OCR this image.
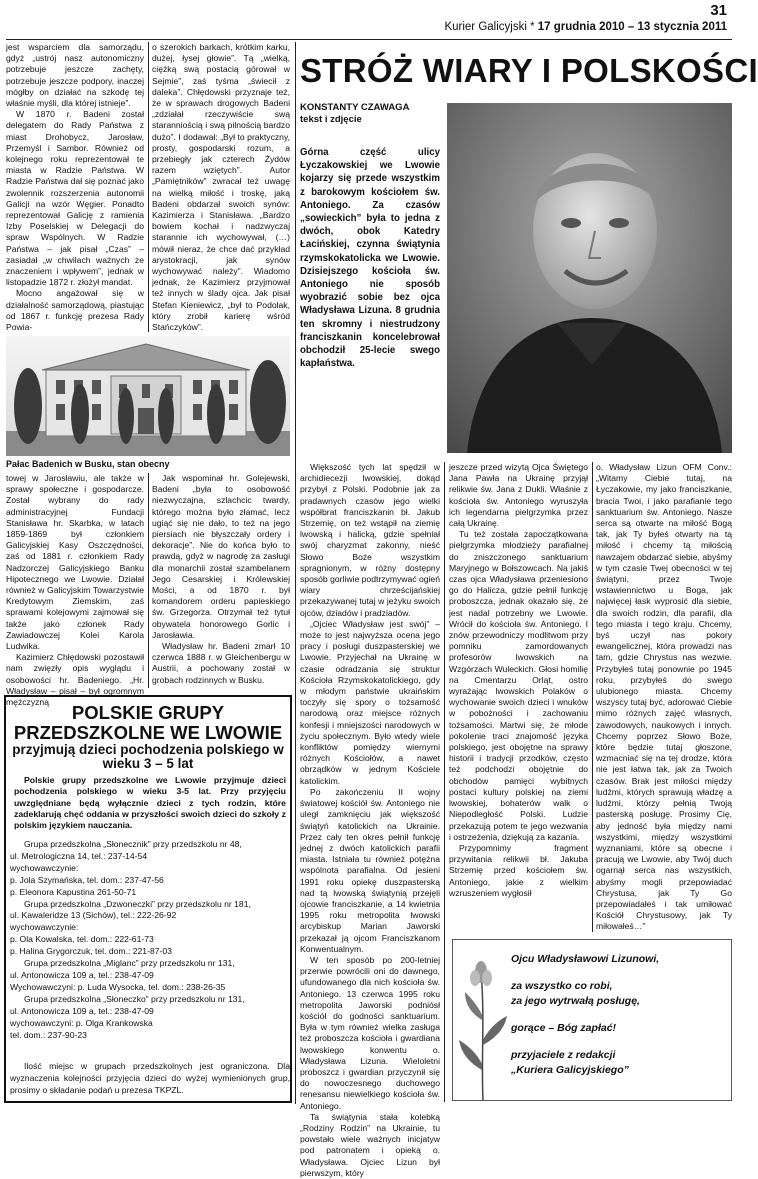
31
Kurier Galicyjski * 17 grudnia 2010 – 13 stycznia 2011

jest wsparciem dla samorządu, gdyż „ustrój nasz autonomiczny potrzebuje jeszcze zachęty, potrzebuje jeszcze podpory, inaczej mógłby on działać na szkodę tej właśnie myśli, dla której istnieje”.

W 1870 r. Badeni został delegatem do Rady Państwa z miast Drohobycz, Jarosław, Przemyśl i Sambor. Również od kolejnego roku reprezentował te miasta w Radzie Państwa. W Radzie Państwa dał się poznać jako zwolennik rozszerzenia autonomii Galicji na wzór Węgier. Ponadto reprezentował Galicję z ramienia Izby Poselskiej w Delegacji do spraw Wspólnych. W Radzie Państwa – jak pisał „Czas” – zasiadał „w chwilach ważnych ze znaczeniem i wpływem”, jednak w listopadzie 1872 r. złożył mandat.

Mocno angażował się w działalność samorządową, piastując od 1867 r. funkcję prezesa Rady Powia-

o szerokich barkach, krótkim karku, dużej, łysej głowie”. Tą „wielką, ciężką swą postacią górował w Sejmie”, zaś tyśma „świecił z daleka”. Chłędowski przyznaje też, że w sprawach drogowych Badeni „zdziałał rzeczywiście swą staranniością i swą pilnością bardzo dużo”. I dodawał: „Był to praktyczny, prosty, gospodarski rozum, a przebiegły jak czterech Żydów razem wziętych”. Autor „Pamiętników” zwracał też uwagę na wielką miłość i troskę, jaką Badeni obdarzał swoich synów: Kazimierza i Stanisława. „Bardzo bowiem kochał i nadzwyczaj starannie ich wychowywał, (…) mówił nieraz, że chce dać przykład arystokracji, jak synów wychowywać należy”. Wiadomo jednak, że Kazimierz przyjmował też innych w ślady ojca. Jak pisał Stefan Kieniewicz, „był to Podolak, który zrobił karierę wśród Stańczyków”.

Pałac Badenich w Busku, stan obecny

towej w Jarosławiu, ale także w sprawy społeczne i gospodarcze. Został wybrany do rady administracyjnej Fundacji Stanisława hr. Skarbka, w latach 1859-1869 był członkiem Galicyjskiej Kasy Oszczędności, zaś od 1881 r. członkiem Rady Nadzorczej Galicyjskiego Banku Hipotecznego we Lwowie. Działał również w Galicyjskim Towarzystwie Kredytowym Ziemskim, zaś sprawami kolejowymi zajmował się także jako członek Rady Zawiadowczej Kolei Karola Ludwika.

Kazimierz Chłędowski pozostawił nam zwięzły opis wyglądu i osobowości hr. Badeniego. „Hr. Władysław – pisał – był ogromnym mężczyzną

Jak wspominał hr. Golejewski, Badeni „była to osobowość niezwyczajna, szlachcic twardy, którego można było złamać, lecz ugiąć się nie dało, to też na jego piersiach nie błyszczały ordery i dekoracje”. Nie do końca było to prawdą, gdyż w nagrodę za zasługi dla monarchii został szambelanem Jego Cesarskiej i Królewskiej Mości, a od 1870 r. był komandorem orderu papieskiego św. Grzegorza. Otrzymał też tytuł obywatela honorowego Gorlic i Jarosławia.

Władysław hr. Badeni zmarł 10 czerwca 1888 r. w Gleichenbergu w Austrii, a pochowany został w grobach rodzinnych w Busku.

POLSKIE GRUPY PRZEDSZKOLNE WE LWOWIE
przyjmują dzieci pochodzenia polskiego w wieku 3 – 5 lat
Polskie grupy przedszkolne we Lwowie przyjmuje dzieci pochodzenia polskiego w wieku 3-5 lat. Przy przyjęciu uwzględniane będą wyłącznie dzieci z tych rodzin, które zadeklarują chęć oddania w przyszłości swoich dzieci do szkoły z polskim językiem nauczania.
Grupa przedszkolna „Słonecznik” przy przedszkolu nr 48,
ul. Metrologiczna 14, tel.: 237-14-54
wychowawczynie:
p. Jola Szymańska, tel. dom.: 237-47-56
p. Eleonora Kapustina 261-50-71
Grupa przedszkolna „Dzwoneczki” przy przedszkolu nr 181,
ul. Kawaleridze 13 (Sichów), tel.: 222-26-92
wychowawczynie:
p. Ola Kowalska, tel. dom.: 222-61-73
p. Halina Grygorczuk, tel. dom.: 221-87-03
Grupa przedszkolna „Miglanc” przy przedszkolu nr 131,
ul. Antonowicza 109 a, tel.: 238-47-09
Wychowawczyni: p. Luda Wysocka, tel. dom.: 238-26-35
Grupa przedszkolna „Słoneczko” przy przedszkolu nr 131,
ul. Antonowicza 109 a, tel.: 238-47-09
wychowawczyni: p. Olga Krankowska
tel. dom.: 237-90-23
Ilość miejsc w grupach przedszkolnych jest ograniczona. Dla wyznaczenia kolejności przyjęcia dzieci do wyżej wymienionych grup, prosimy o składanie podań u prezesa TKPZL.
STRÓŻ WIARY I POLSKOŚCI
KONSTANTY CZAWAGA
tekst i zdjęcie
Górna część ulicy Łyczakowskiej we Lwowie kojarzy się przede wszystkim z barokowym kościołem św. Antoniego. Za czasów „sowieckich” była to jedna z dwóch, obok Katedry Łacińskiej, czynna świątynia rzymskokatolicka we Lwowie. Dzisiejszego kościoła św. Antoniego nie sposób wyobrazić sobie bez ojca Władysława Lizuna. 8 grudnia ten skromny i niestrudzony franciszkanin koncelebrował obchodził 25-lecie swego kapłaństwa.

Większość tych lat spędził w archidiecezji lwowskiej, dokąd przybył z Polski. Podobnie jak za pradawnych czasów jego wielki współbrat franciszkanin bł. Jakub Strzemię, on też wstąpił na ziemię lwowską i halicką, gdzie spełniał swój charyzmat zakonny, nieść Słowo Boże wszystkim spragnionym, w różny dostępny sposób gorliwie podtrzymywać ogień wiary chrześcijańskiej przekazywanej tutaj w jeżyku swoich ojców, dziadów i pradziadów.

„Ojciec Władysław jest swój” – może to jest najwyższa ocena jego pracy i posługi duszpasterskiej we Lwowie. Przyjechał na Ukrainę w czasie odradzania się struktur Kościoła Rzymskokatolickiego, gdy w młodym państwie ukraińskim toczyły się spory o tożsamość narodową oraz miejsce różnych konfesji i mniejszości narodowych w życiu społecznym. Było wtedy wiele konfliktów pomiędzy wiernymi różnych Kościołów, a nawet obrządków w jednym Kościele katolickim.

Po zakończeniu II wojny światowej kościół św. Antoniego nie uległ zamknięciu jak większość świątyń katolickich na Ukrainie. Przez cały ten okres pełnił funkcję jednej z dwóch katolickich parafii miasta. Istniała tu również potężna wspólnota parafialna. Od jesieni 1991 roku opiekę duszpasterską nad tą lwowską świątynią przejęli ojcowie franciszkanie, a 14 kwietnia 1995 roku metropolita lwowski arcybiskup Marian Jaworski przekazał ją ojcom Franciszkanom Konwentualnym.

W ten sposób po 200-letniej przerwie powrócili oni do dawnego, ufundowanego dla nich kościoła św. Antoniego. 13 czerwca 1995 roku metropolita Jaworski podniósł kościół do godności sanktuarium. Była w tym również wielka zasługa też proboszcza kościoła i gwardiana lwowskiego konwentu o. Władysława Lizuna. Wieloletni proboszcz i gwardian przyczynił się do nowoczesnego duchowego renesansu niewielkiego kościoła św. Antoniego.

Ta świątynia stała kolebką „Rodziny Rodzin” na Ukrainie, tu powstało wiele ważnych inicjatyw pod patronatem i opieką o. Władysława. Ojciec Lizun był pierwszym, który

jeszcze przed wizytą Ojca Świętego Jana Pawła na Ukrainę przyjął relikwie św. Jana z Dukli. Właśnie z kościoła św. Antoniego wyruszyła ich legendarna pielgrzymka przez całą Ukrainę.

Tu też została zapoczątkowana pielgrzymka młodzieży parafialnej do zniszczonego sanktuarium Maryjnego w Bołszowcach. Na jakiś czas ojca Władysława przeniesiono go do Halicza, gdzie pełnił funkcję proboszcza, jednak okazało się, że jest nadal potrzebny we Lwowie. Wrócił do kościoła św. Antoniego. I znów przewodniczy modlitwom przy pomniku zamordowanych profesorów lwowskich na Wzgórzach Wuleckich. Głosi homilię na Cmentarzu Orląt, ostro wyrażając lwowskich Polaków o wychowanie swoich dzieci i wnuków w pobożności i zachowaniu tożsamości. Martwi się, że młode pokolenie traci znajomość języka polskiego, jest obojętne na sprawy historii i tradycji przodków, często też podchodzi obojętnie do obchodów pamięci wybitnych postaci kultury polskiej na ziemi lwowskiej, bohaterów walk o Niepodległość Polski. Ludzie przekazują potem te jego wezwania i ostrzeżenia, dziękują za kazania.

Przypomnimy fragment przywitania relikwii bł. Jakuba Strzemię przed kościołem św. Antoniego, jakie z wielkim wzruszeniem wygłosił

o. Władysław Lizun OFM Conv.: „Witamy Ciebie tutaj, na Łyczakowie, my jako franciszkanie, bracia Twoi, i jako parafianie tego sanktuarium św. Antoniego. Nasze serca są otwarte na miłość Bogą tak, jak Ty byłeś otwarty na tą miłość i chcemy tą miłością nawzajem obdarzać siebie, abyśmy w tym czasie Twej obecności w tej świątyni, przez Twoje wstawiennictwo u Boga, jak najwięcej łask wyprosić dla siebie, dla swoich rodzin, dla parafii, dla tego miasta i tego kraju. Chcemy, byś uczył nas pokory ewangelicznej, która prowadzi nas tam, gdzie Chrystus nas wezwie. Przybyłeś tutaj ponownie po 1945 roku, przybyłeś do swego ulubionego miasta. Chcemy wszyscy tutaj być, adorować Ciebie mimo różnych zajęć własnych, zawodowych, naukowych i innych. Chcemy poprzez Słowo Boże, które będzie tutaj głoszone, wzmacniać się na tej drodze, która nie jest łatwa tak, jak za Twoich czasów. Brak jest miłości między ludźmi, których sprawują władzę a ludźmi, którzy pełnią Twoją pasterską posługę. Prosimy Cię, aby jedność była między nami wszystkimi, między wszystkimi wyznaniami, które są obecne i pracują we Lwowie, aby Twój duch ogarnął serca nas wszystkich, abyśmy mogli przepowiadać Chrystusa, jak Ty Go przepowiadałeś i tak umiłować Kościół Chrystusowy, jak Ty miłowałeś…”

Ojcu Władysławowi Lizunowi,
za wszystko co robi,
za jego wytrwałą posługę,
gorące – Bóg zapłać!
przyjaciele z redakcji
„Kuriera Galicyjskiego”
